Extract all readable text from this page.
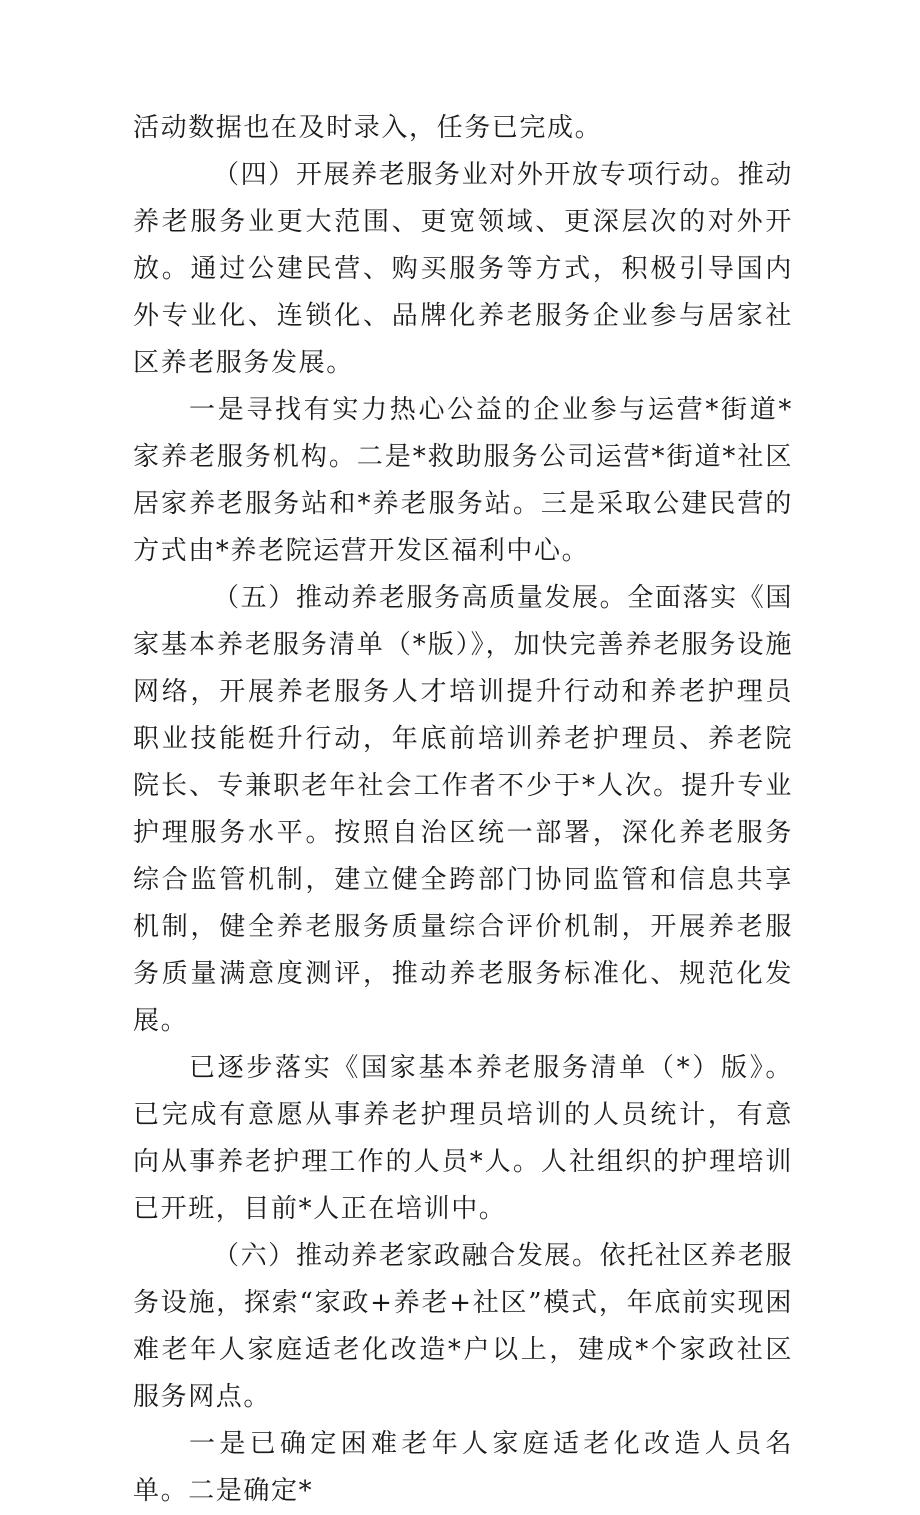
活动数据也在及时录入，任务已完成。

（四）开展养老服务业对外开放专项行动。推动养老服务业更大范围、更宽领域、更深层次的对外开放。通过公建民营、购买服务等方式，积极引导国内外专业化、连锁化、品牌化养老服务企业参与居家社区养老服务发展。

一是寻找有实力热心公益的企业参与运营*街道*家养老服务机构。二是*救助服务公司运营*街道*社区居家养老服务站和*养老服务站。三是采取公建民营的方式由*养老院运营开发区福利中心。

（五）推动养老服务高质量发展。全面落实《国家基本养老服务清单（*版）》，加快完善养老服务设施网络，开展养老服务人才培训提升行动和养老护理员职业技能梃升行动，年底前培训养老护理员、养老院院长、专兼职老年社会工作者不少于*人次。提升专业护理服务水平。按照自治区统一部署，深化养老服务综合监管机制，建立健全跨部门协同监管和信息共享机制，健全养老服务质量综合评价机制，开展养老服务质量满意度测评，推动养老服务标准化、规范化发展。

已逐步落实《国家基本养老服务清单（*）版》。已完成有意愿从事养老护理员培训的人员统计，有意向从事养老护理工作的人员*人。人社组织的护理培训已开班，目前*人正在培训中。

（六）推动养老家政融合发展。依托社区养老服务设施，探索“家政+养老+社区”模式，年底前实现困难老年人家庭适老化改造*户以上，建成*个家政社区服务网点。

一是已确定困难老年人家庭适老化改造人员名单。二是确定*
